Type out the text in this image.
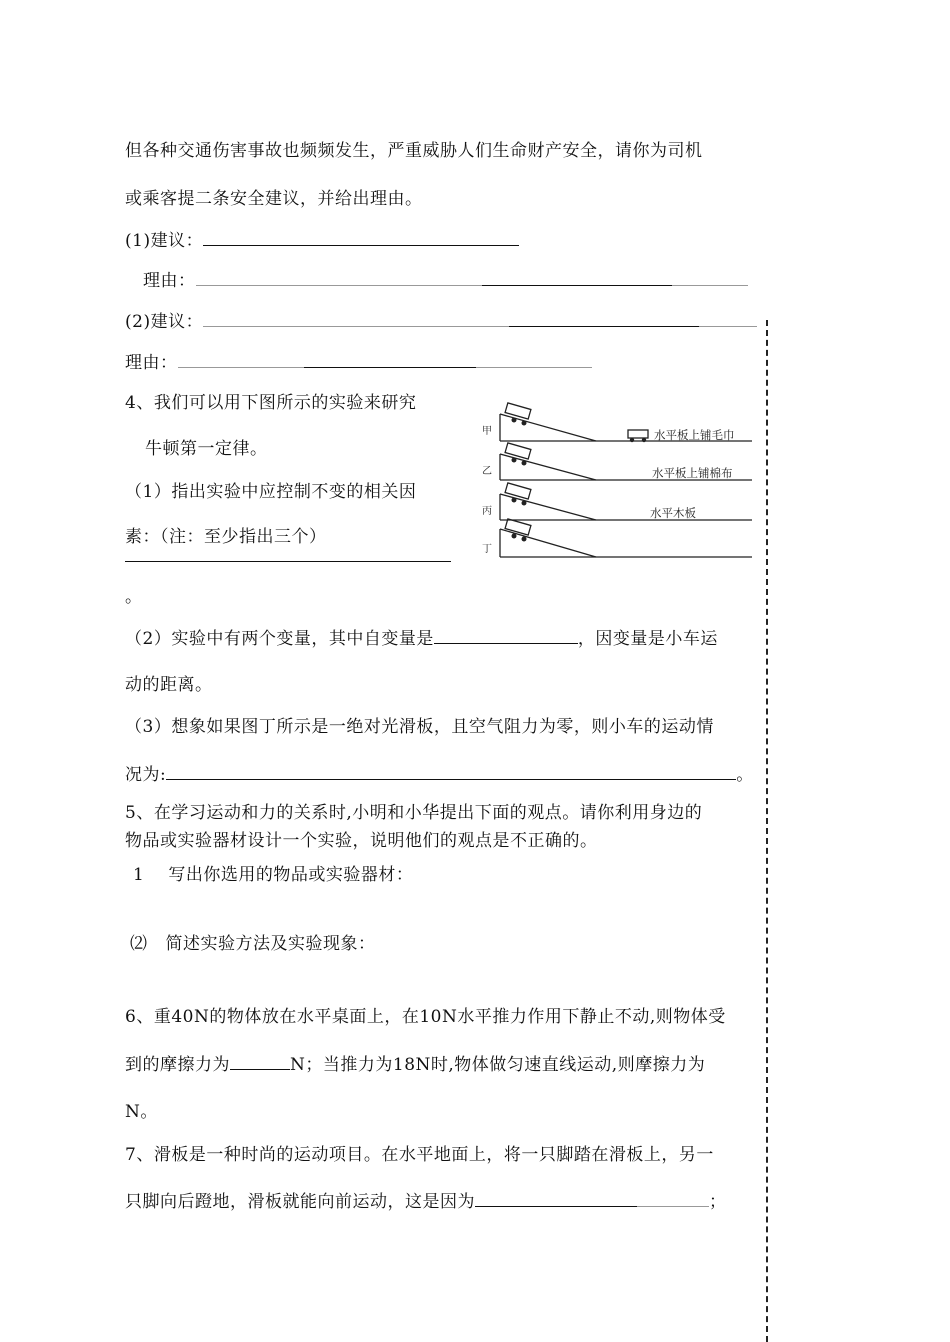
但各种交通伤害事故也频频发生，严重威胁人们生命财产安全，请你为司机
或乘客提二条安全建议，并给出理由。
(1)建议：
理由：
(2)建议：
理由：
4、我们可以用下图所示的实验来研究
牛顿第一定律。
（1）指出实验中应控制不变的相关因
素：（注：至少指出三个）
。
（2）实验中有两个变量，其中自变量是	，因变量是小车运
动的距离。
（3）想象如果图丁所示是一绝对光滑板，且空气阻力为零，则小车的运动情
况为:	。
甲
乙
丙
丁
水平板上铺毛巾
水平板上铺棉布
水平木板
5、在学习运动和力的关系时,小明和小华提出下面的观点。请你利用身边的
物品或实验器材设计一个实验，说明他们的观点是不正确的。
1 写出你选用的物品或实验器材：
⑵ 简述实验方法及实验现象：
6、重40N的物体放在水平桌面上，在10N水平推力作用下静止不动,则物体受
到的摩擦力为	N；当推力为18N时,物体做匀速直线运动,则摩擦力为
N。
7、滑板是一种时尚的运动项目。在水平地面上，将一只脚踏在滑板上，另一
只脚向后蹬地，滑板就能向前运动，这是因为	；
